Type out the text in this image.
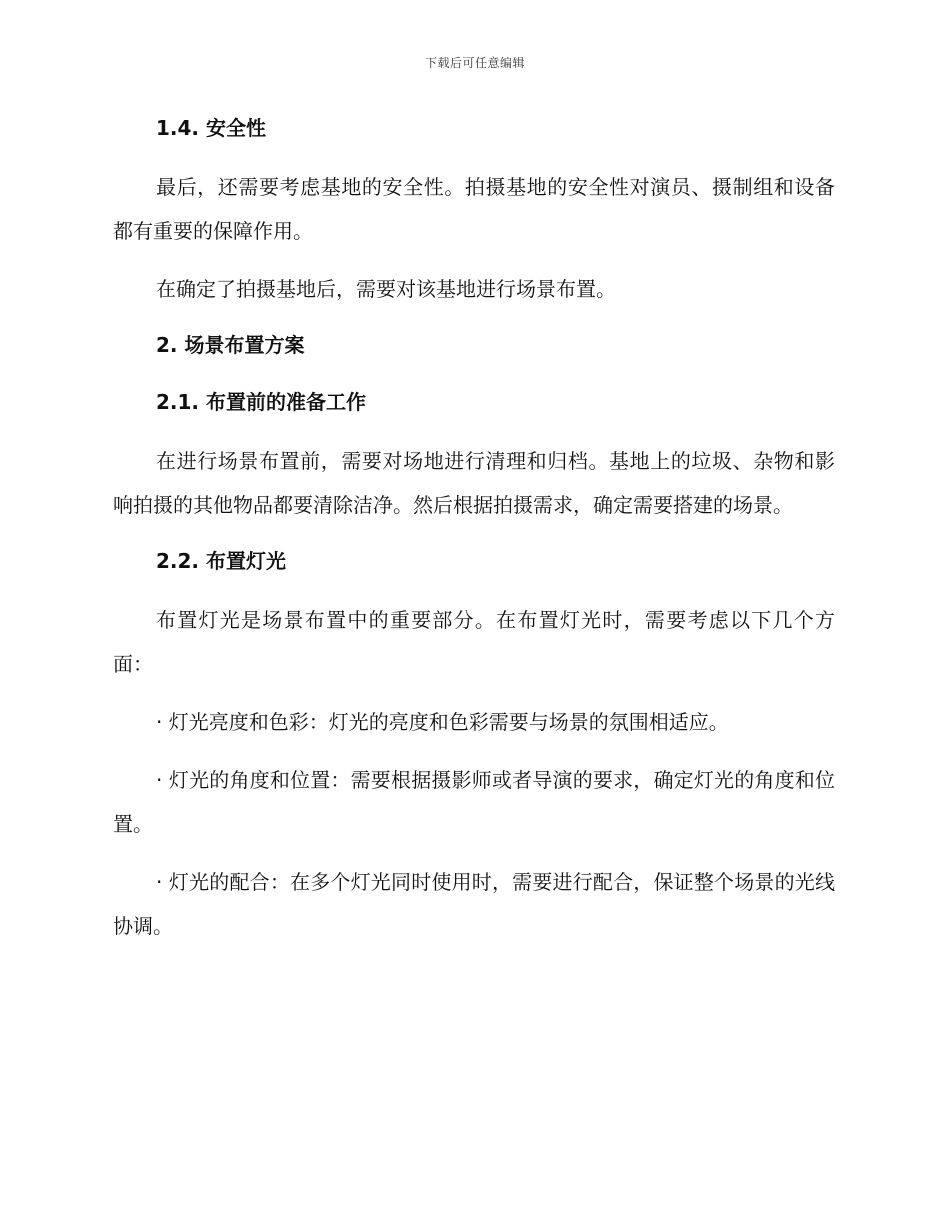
下载后可任意编辑
1.4. 安全性

最后，还需要考虑基地的安全性。拍摄基地的安全性对演员、摄制组和设备都有重要的保障作用。

在确定了拍摄基地后，需要对该基地进行场景布置。

2. 场景布置方案
2.1. 布置前的准备工作

在进行场景布置前，需要对场地进行清理和归档。基地上的垃圾、杂物和影响拍摄的其他物品都要清除洁净。然后根据拍摄需求，确定需要搭建的场景。

2.2. 布置灯光

布置灯光是场景布置中的重要部分。在布置灯光时，需要考虑以下几个方面：

· 灯光亮度和色彩：灯光的亮度和色彩需要与场景的氛围相适应。

· 灯光的角度和位置：需要根据摄影师或者导演的要求，确定灯光的角度和位置。

· 灯光的配合：在多个灯光同时使用时，需要进行配合，保证整个场景的光线协调。
